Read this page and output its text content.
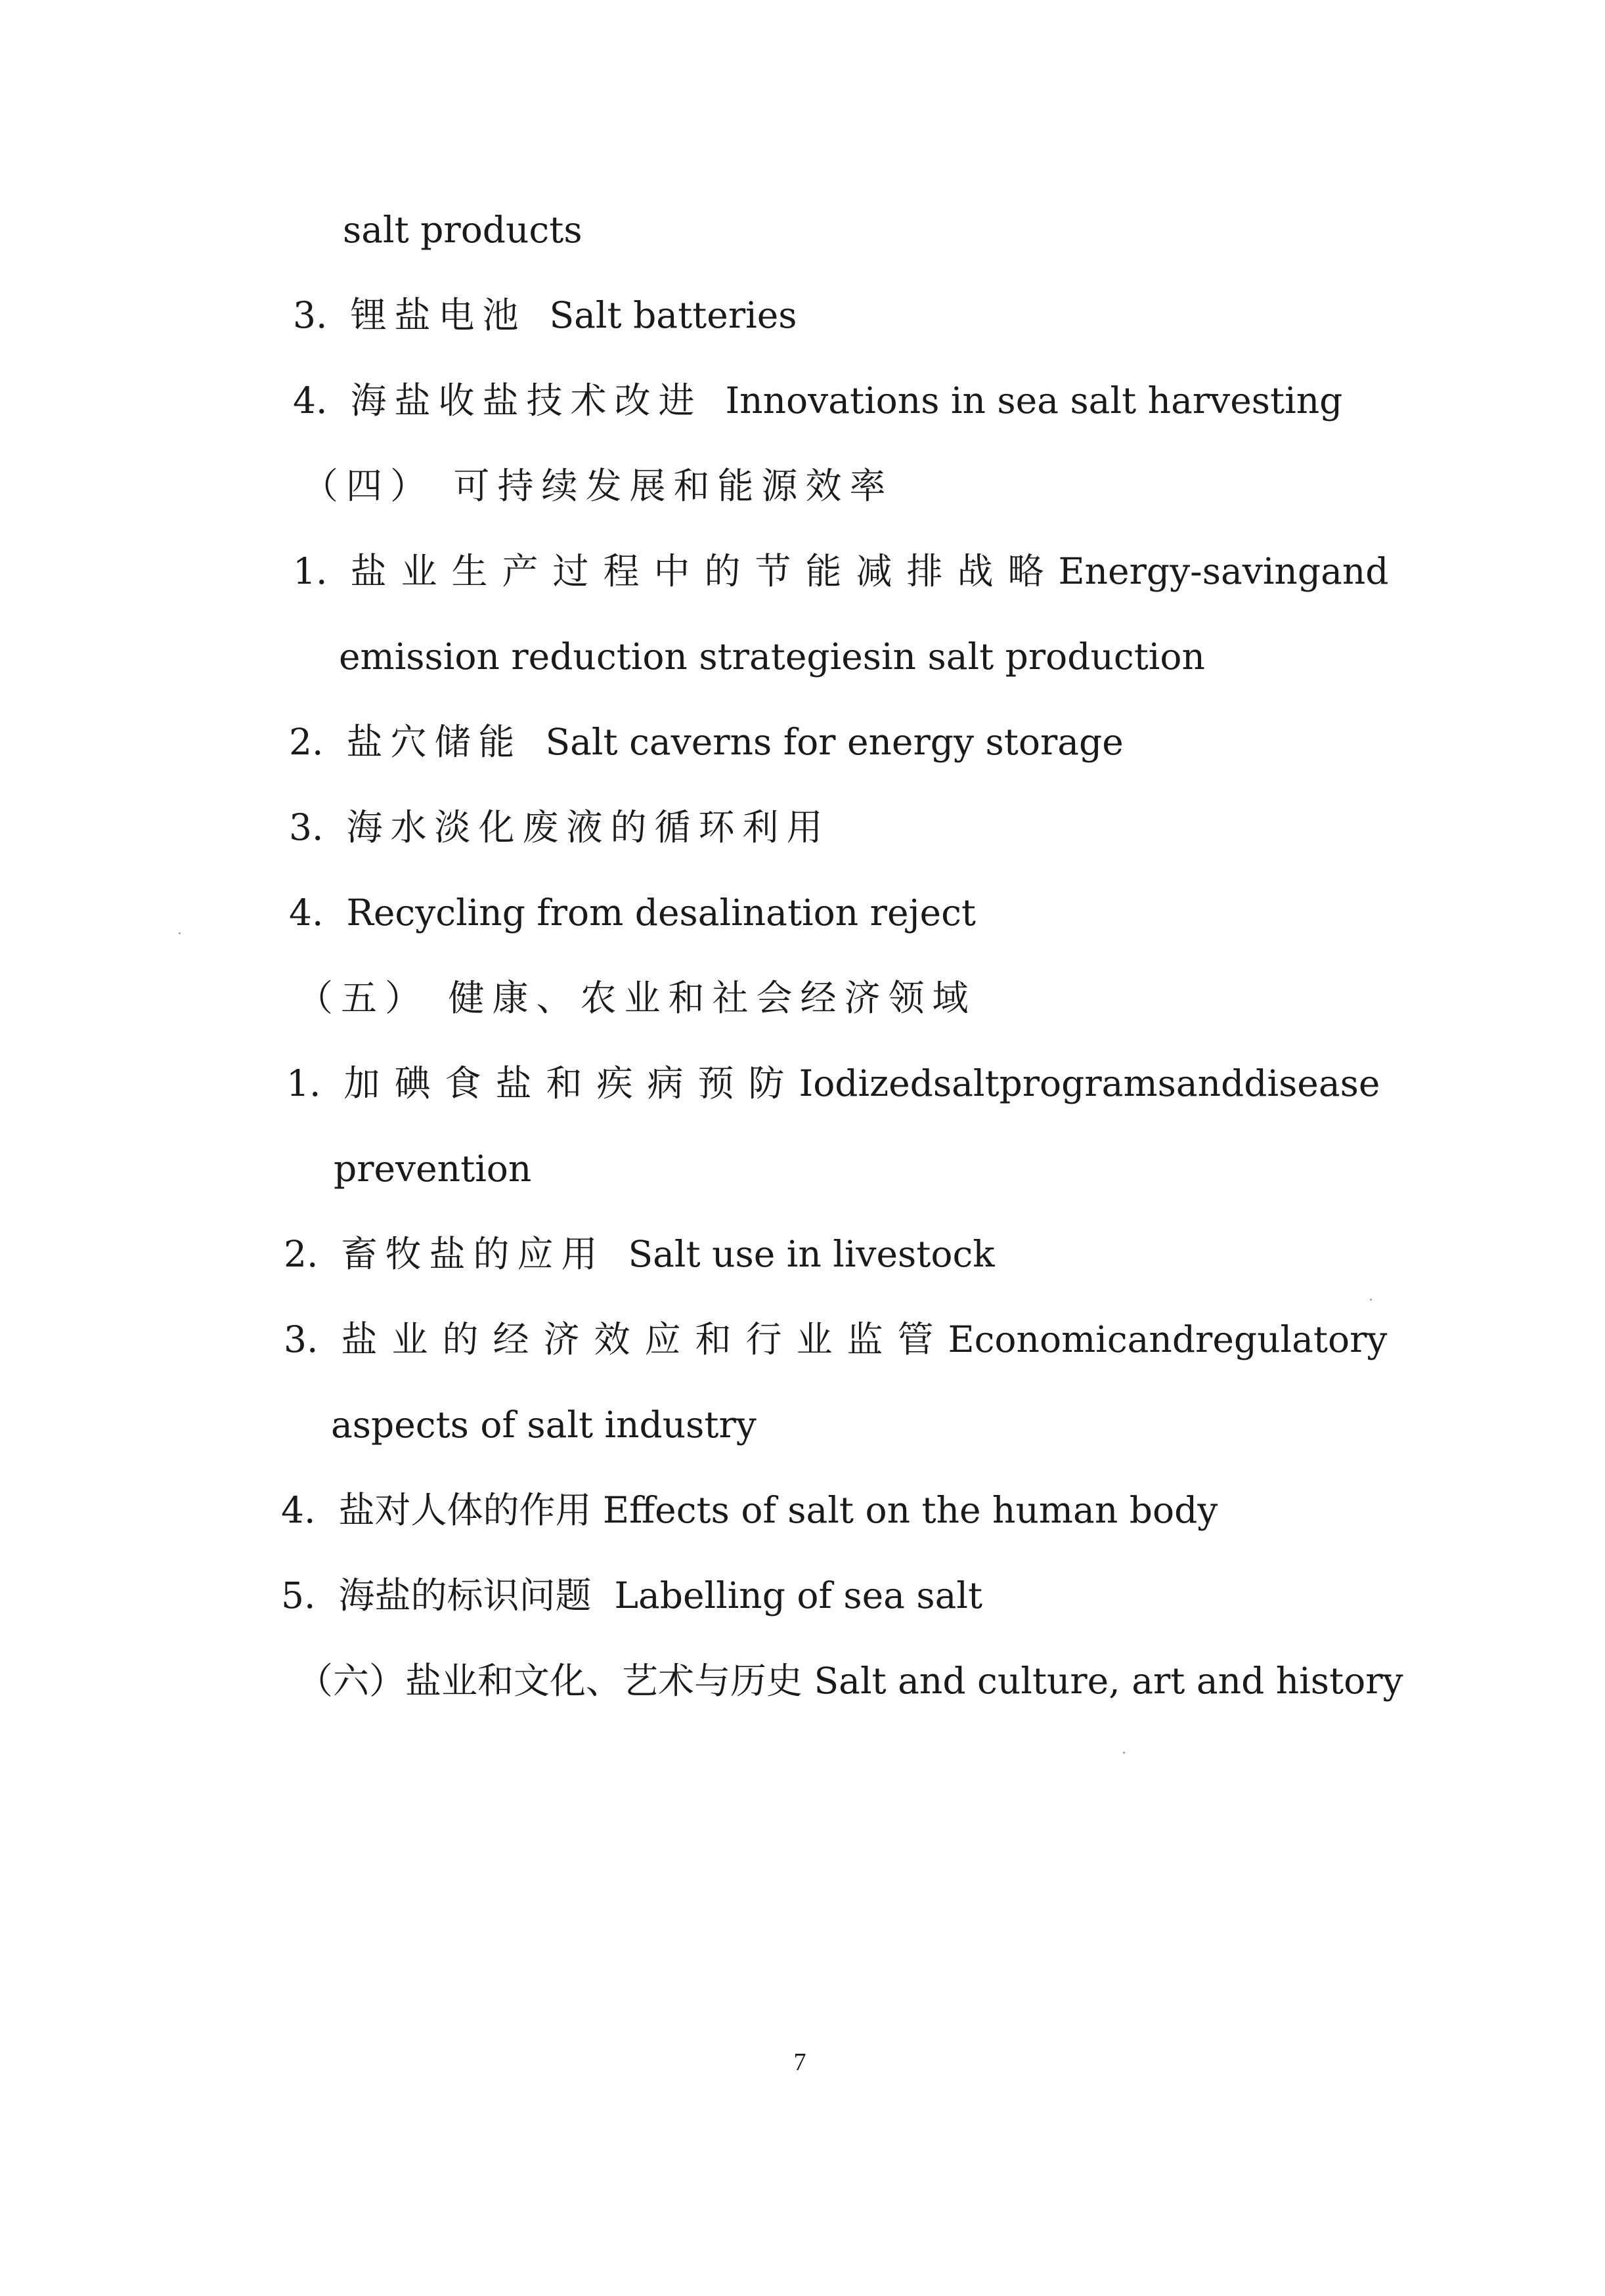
salt products
3. 锂盐电池 Salt batteries
4. 海盐收盐技术改进 Innovations in sea salt harvesting
（四） 可持续发展和能源效率
1. 盐业生产过程中的节能减排战略 Energy-saving and
emission reduction strategiesin salt production
2. 盐穴储能 Salt caverns for energy storage
3. 海水淡化废液的循环利用
4. Recycling from desalination reject
（五） 健康、农业和社会经济领域
1. 加碘食盐和疾病预防 Iodized salt programs and disease
prevention
2. 畜牧盐的应用 Salt use in livestock
3. 盐业的经济效应和行业监管 Economic and regulatory
aspects of salt industry
4. 盐对人体的作用 Effects of salt on the human body
5. 海盐的标识问题 Labelling of sea salt
（六）盐业和文化、艺术与历史 Salt and culture, art and history
7
